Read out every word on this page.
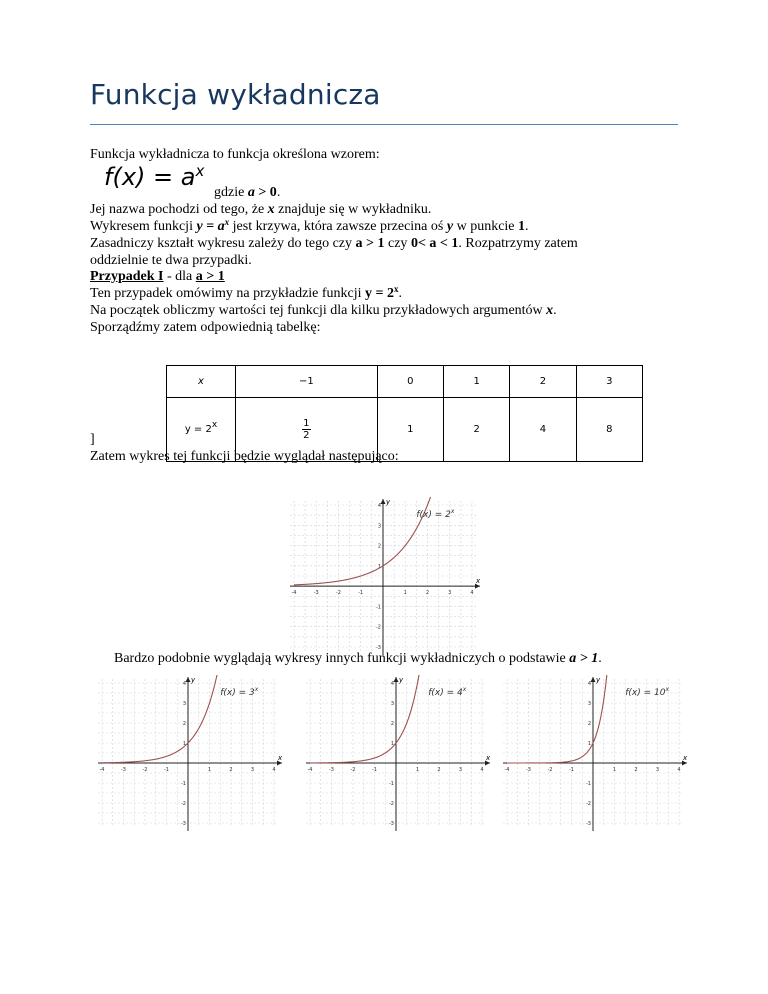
Funkcja wykładnicza
Funkcja wykładnicza to funkcja określona wzorem:
$f(x) = a^x$
gdzie a > 0.
Jej nazwa pochodzi od tego, że x znajduje się w wykładniku.
Wykresem funkcji $y = a^x$ jest krzywa, która zawsze przecina oś y w punkcie 1.
Zasadniczy kształt wykresu zależy do tego czy a > 1 czy 0< a < 1. Rozpatrzymy zatem
oddzielnie te dwa przypadki.
Przypadek I - dla a > 1
Ten przypadek omówimy na przykładzie funkcji $y = 2^x$.
Na początek obliczmy wartości tej funkcji dla kilku przykładowych argumentów x.
Sporządźmy zatem odpowiednią tabelkę:
x	−1	0	1	2	3
$y = 2^x$	$\frac{1}{2}$	1	2	4	8
]
Zatem wykres tej funkcji będzie wyglądał następująco:
x
y
-4	-3	-2	-1	1	2	3	4
4
3
2
1
-1
-2
-3
$f(x) = 2^x$
Bardzo podobnie wyglądają wykresy innych funkcji wykładniczych o podstawie a > 1.
x
y
-4	-3	-2	-1	1	2	3	4
4
3
2
1
-1
-2
-3
$f(x) = 3^x$
x
y
-4	-3	-2	-1	1	2	3	4
4
3
2
1
-1
-2
-3
$f(x) = 4^x$
x
y
-4	-3	-2	-1	1	2	3	4
4
3
2
1
-1
-2
-3
$f(x) = 10^x$
